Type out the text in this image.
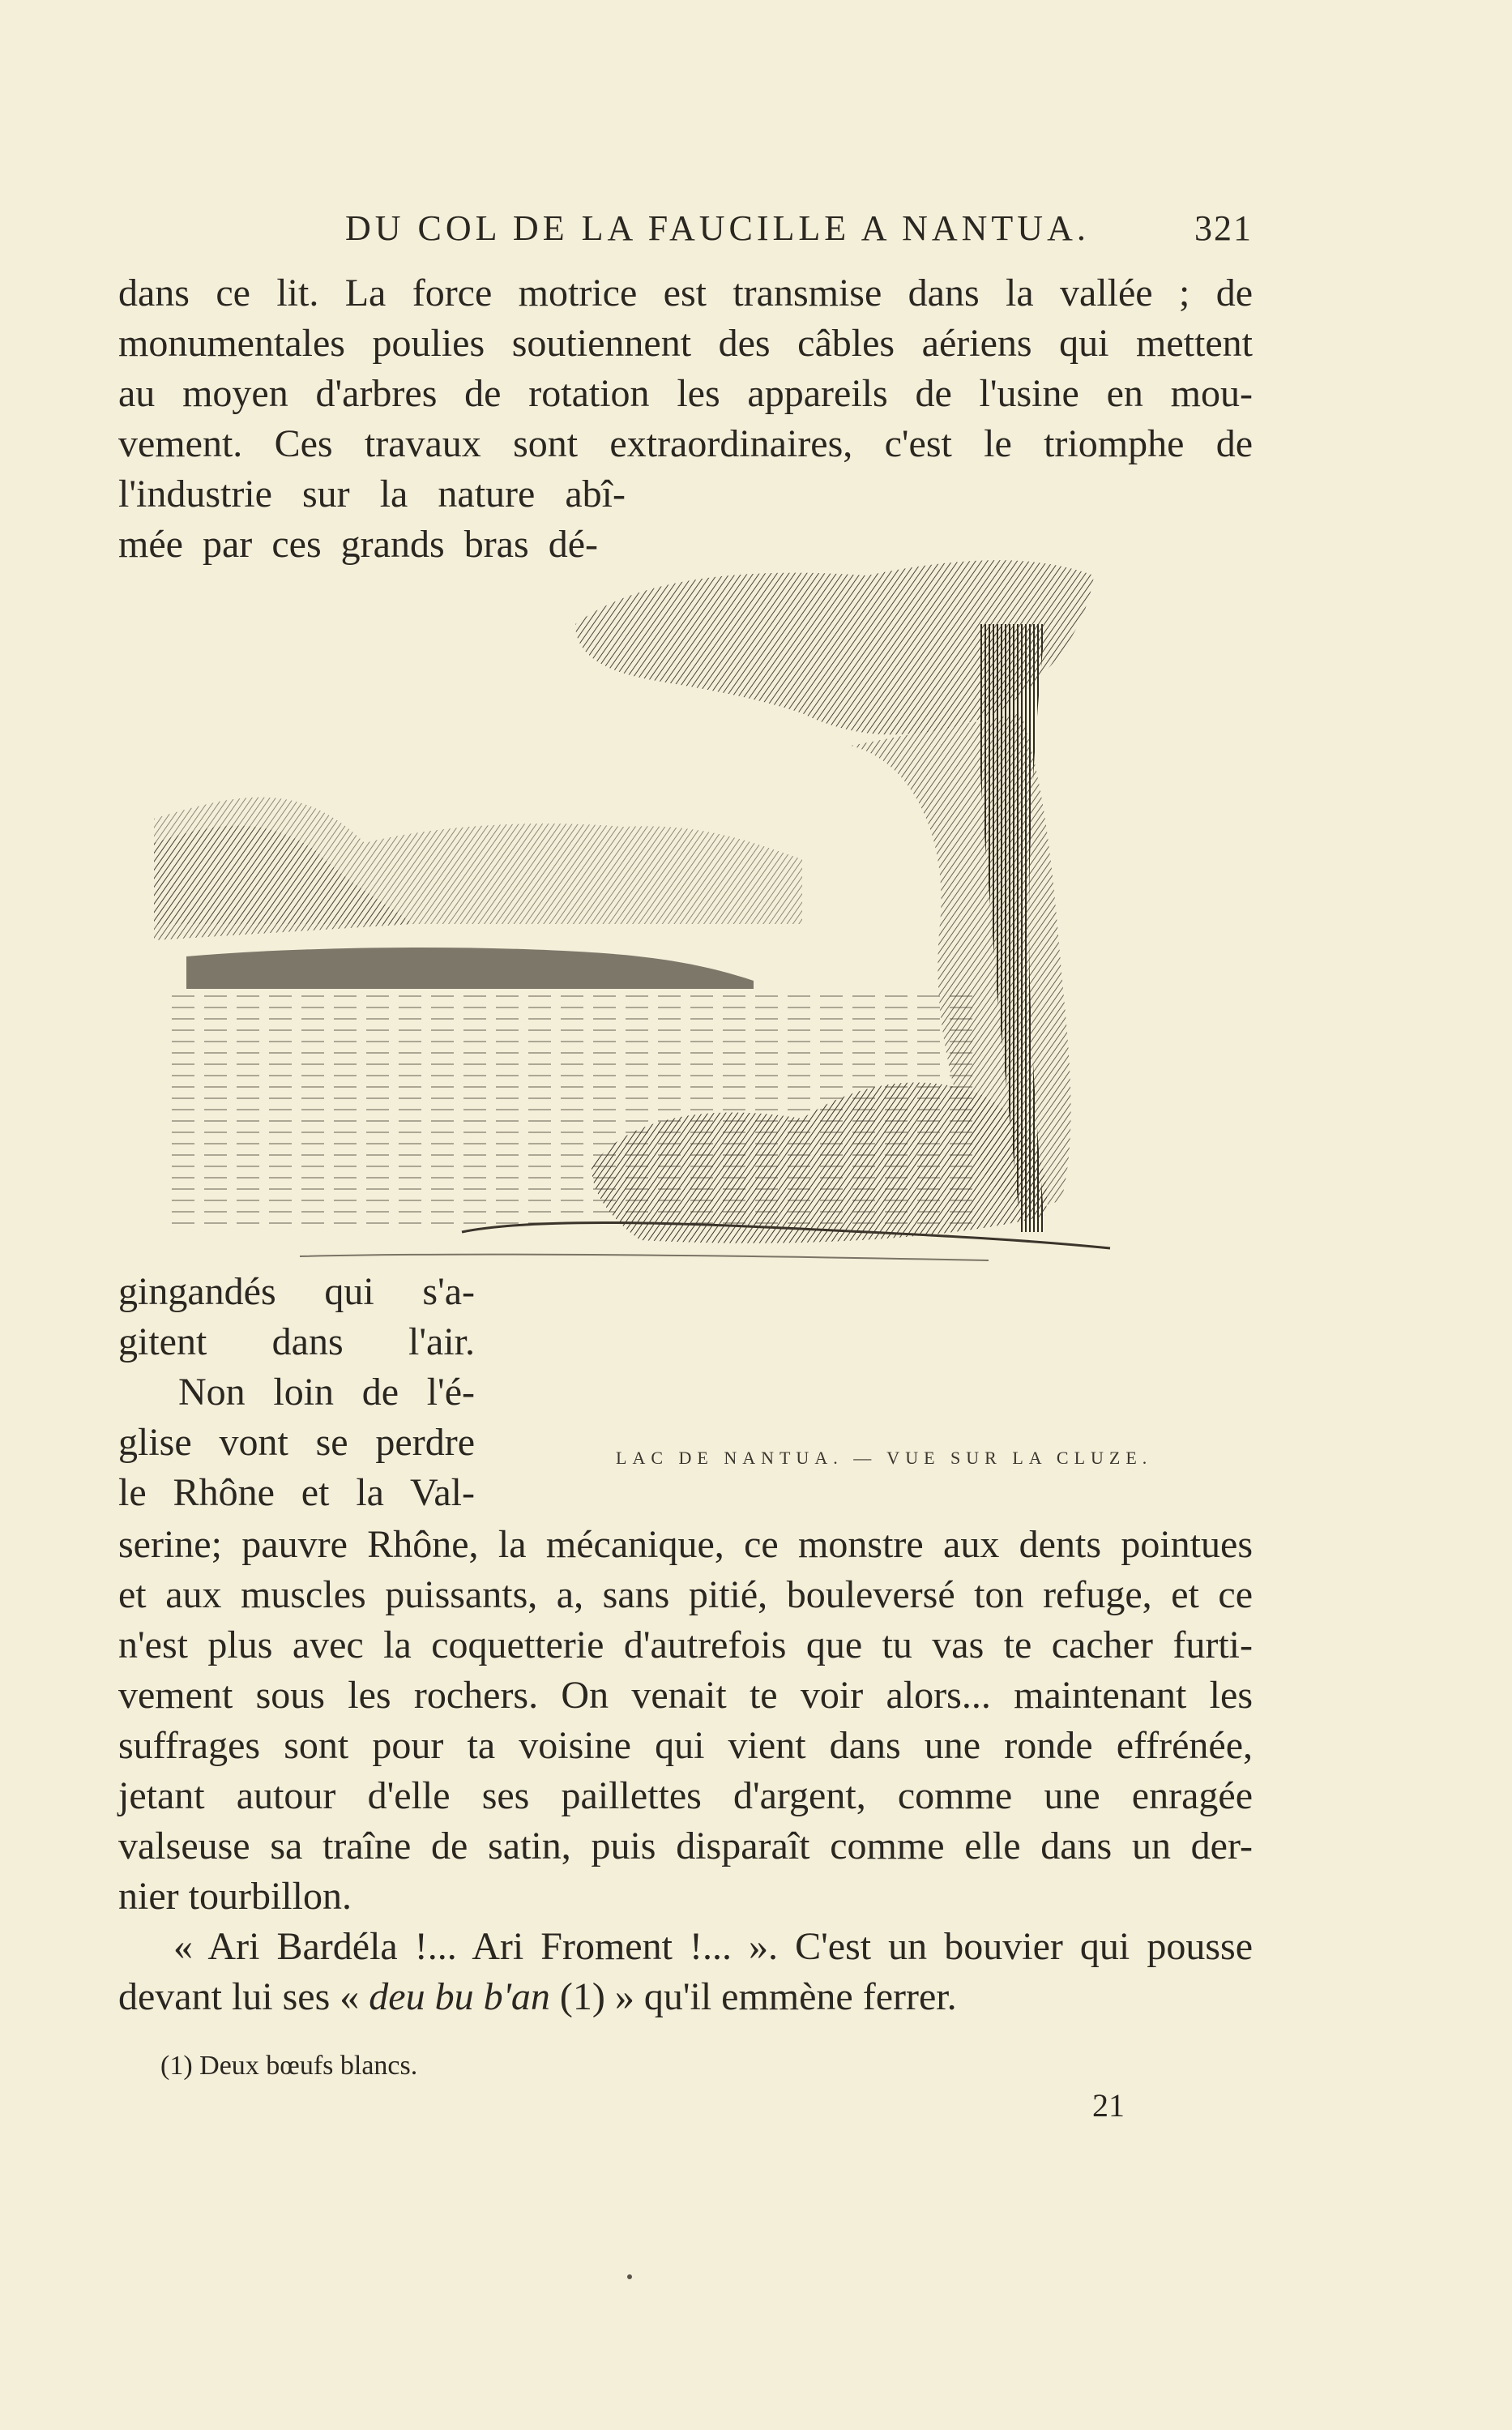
DU COL DE LA FAUCILLE A NANTUA.	321
dans ce lit. La force motrice est transmise dans la vallée ; de
monumentales poulies soutiennent des câbles aériens qui mettent
au moyen d'arbres de rotation les appareils de l'usine en mou-
vement. Ces travaux sont extraordinaires, c'est le triomphe de
l'industrie sur la nature abî-
mée par ces grands bras dé-
gingandés qui s'a-
gitent dans l'air.
Non loin de l'é-
glise vont se perdre
le Rhône et la Val-
LAC DE NANTUA. — VUE SUR LA CLUZE.
serine; pauvre Rhône, la mécanique, ce monstre aux dents pointues
et aux muscles puissants, a, sans pitié, bouleversé ton refuge, et ce
n'est plus avec la coquetterie d'autrefois que tu vas te cacher furti-
vement sous les rochers. On venait te voir alors... maintenant les
suffrages sont pour ta voisine qui vient dans une ronde effrénée,
jetant autour d'elle ses paillettes d'argent, comme une enragée
valseuse sa traîne de satin, puis disparaît comme elle dans un der-
nier tourbillon.
« Ari Bardéla !... Ari Froment !... ». C'est un bouvier qui pousse
devant lui ses « deu bu b'an (1) » qu'il emmène ferrer.
(1) Deux bœufs blancs.
21
